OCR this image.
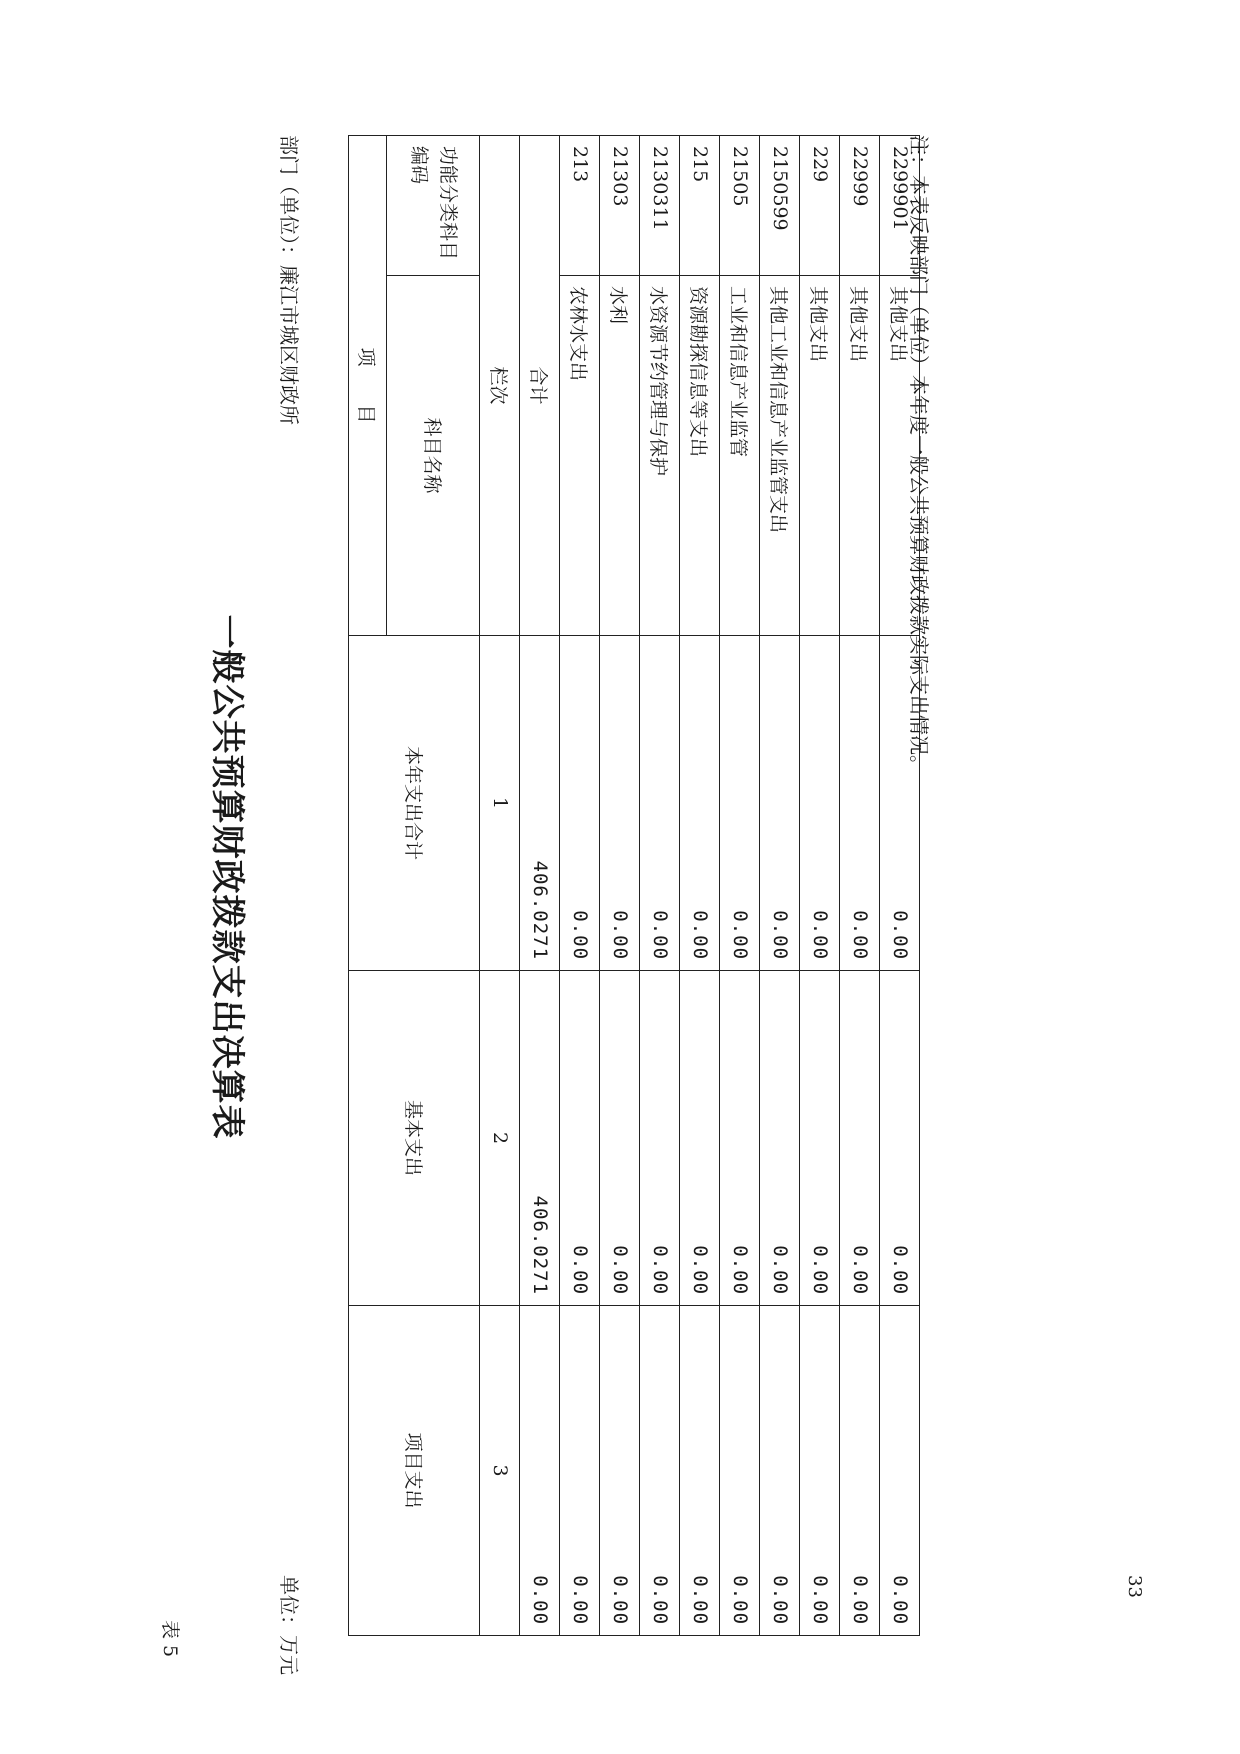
表 5
33
一般公共预算财政拨款支出决算表
部门（单位）：廉江市城区财政所
单位：万元
项　　目		本年支出合计	基本支出	项目支出
功能分类科目编码	科目名称			

栏次		1	2	3
合计		406.0271	406.0271	0.00
213	农林水支出	0.00	0.00	0.00
21303	水利	0.00	0.00	0.00
2130311	水资源节约管理与保护	0.00	0.00	0.00
215	资源勘探信息等支出	0.00	0.00	0.00
21505	工业和信息产业监管	0.00	0.00	0.00
2150599	其他工业和信息产业监管支出	0.00	0.00	0.00
229	其他支出	0.00	0.00	0.00
22999	其他支出	0.00	0.00	0.00
2299901	其他支出	0.00	0.00	0.00
注：本表反映部门（单位）本年度一般公共预算财政拨款实际支出情况。
